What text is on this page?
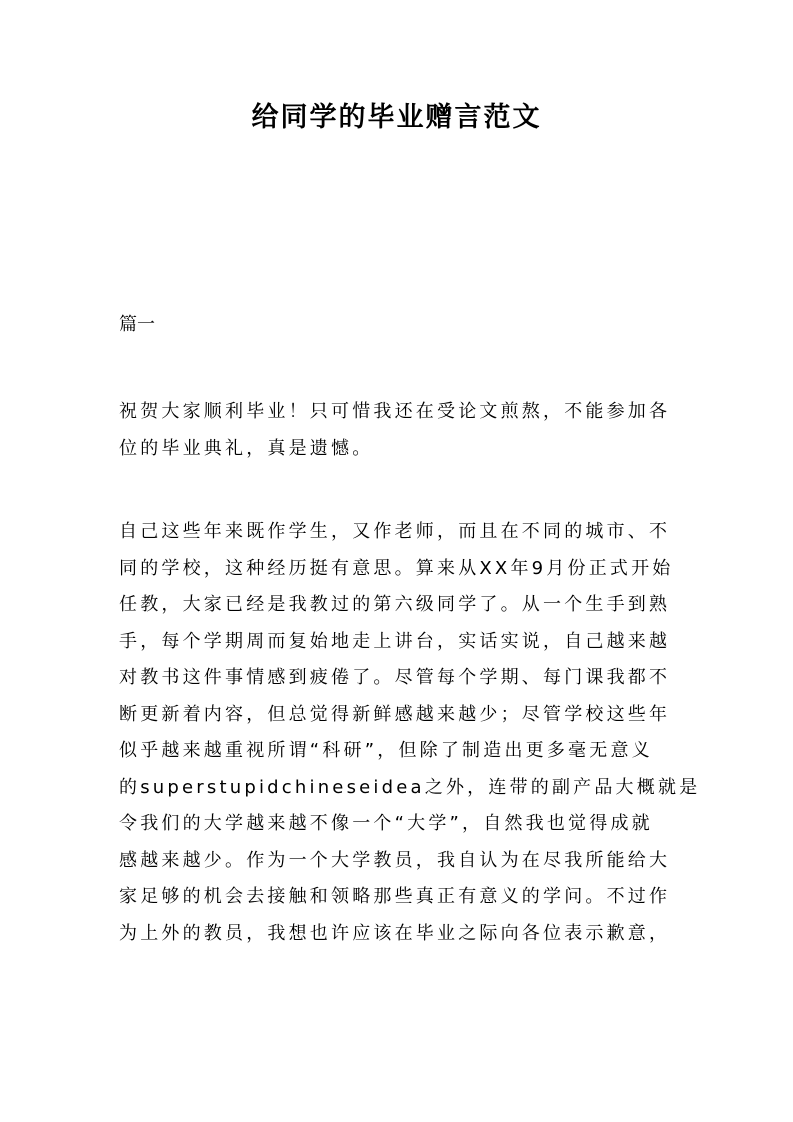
给同学的毕业赠言范文
篇一

祝贺大家顺利毕业！只可惜我还在受论文煎熬，不能参加各
位的毕业典礼，真是遗憾。

自己这些年来既作学生，又作老师，而且在不同的城市、不
同的学校，这种经历挺有意思。算来从XX年9月份正式开始
任教，大家已经是我教过的第六级同学了。从一个生手到熟
手，每个学期周而复始地走上讲台，实话实说，自己越来越
对教书这件事情感到疲倦了。尽管每个学期、每门课我都不
断更新着内容，但总觉得新鲜感越来越少；尽管学校这些年
似乎越来越重视所谓“科研”，但除了制造出更多毫无意义
的superstupidchineseidea之外，连带的副产品大概就是
令我们的大学越来越不像一个“大学”，自然我也觉得成就
感越来越少。作为一个大学教员，我自认为在尽我所能给大
家足够的机会去接触和领略那些真正有意义的学问。不过作
为上外的教员，我想也许应该在毕业之际向各位表示歉意，
